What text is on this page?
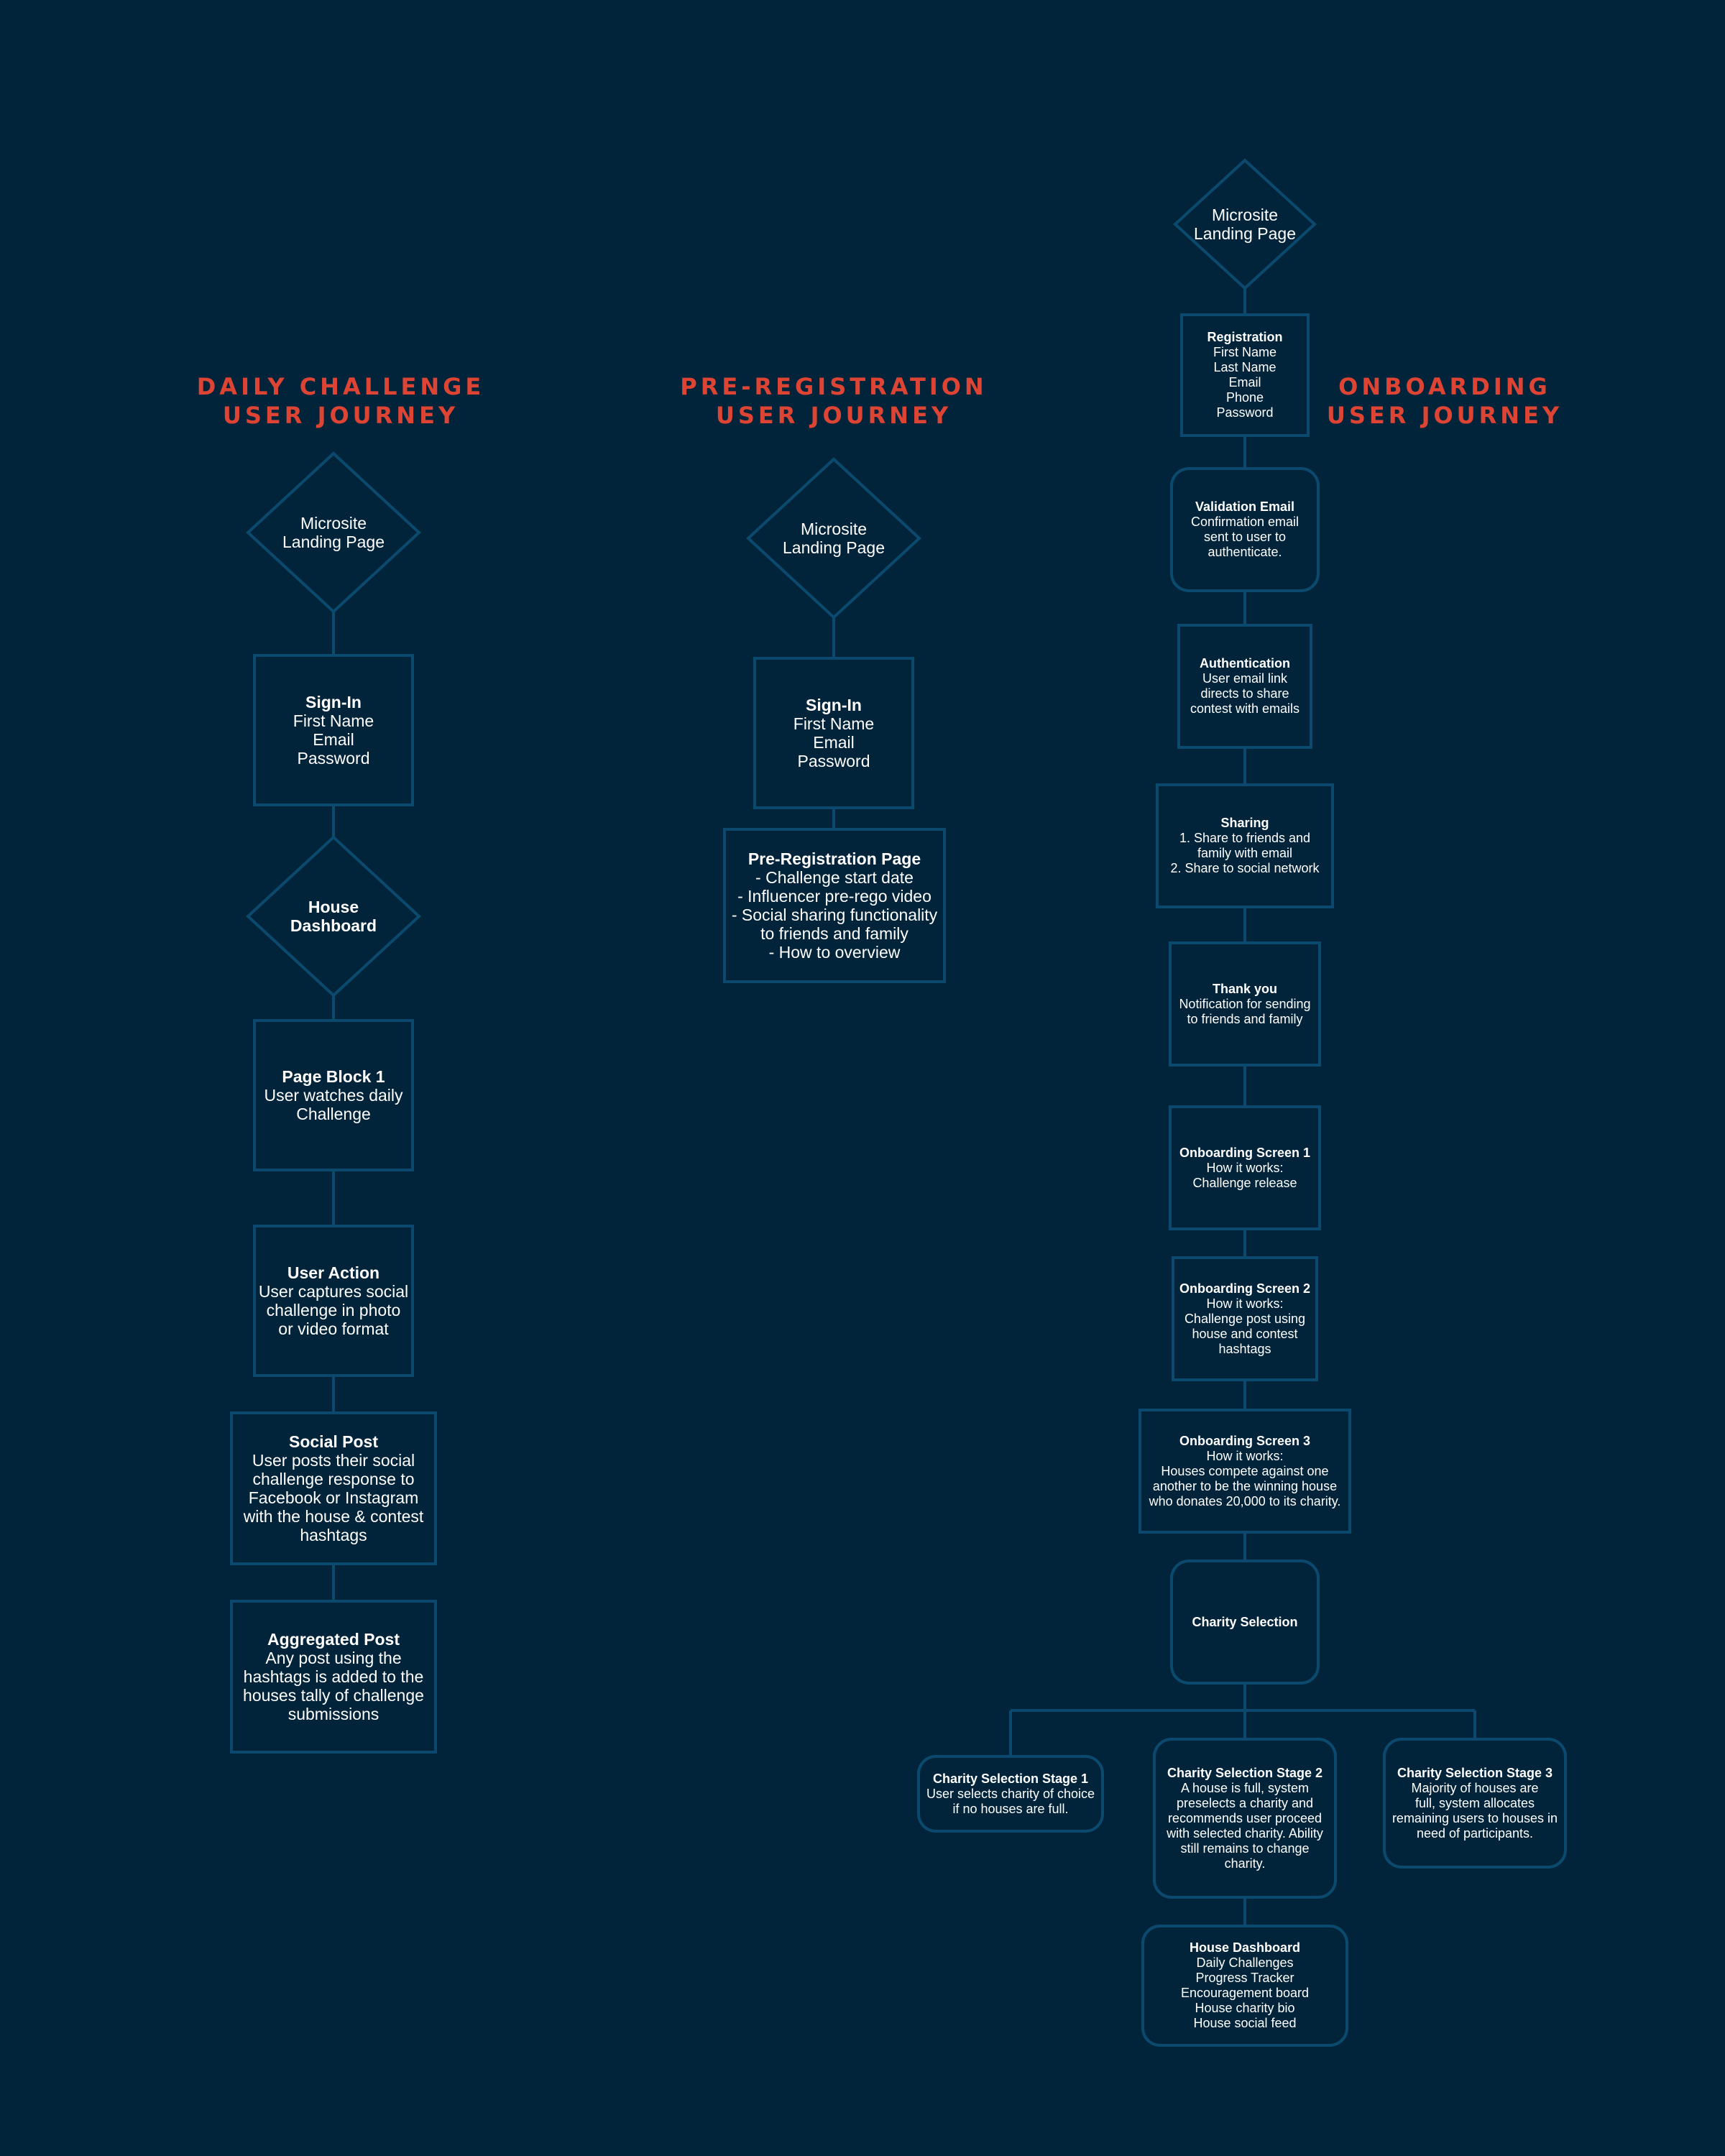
DAILY CHALLENGE
USER JOURNEY
PRE-REGISTRATION
USER JOURNEY
ONBOARDING
USER JOURNEY
Microsite
Landing Page
Sign-In
First Name
Email
Password
House
Dashboard
Page Block 1
User watches daily
Challenge
User Action
User captures social
challenge in photo
or video format
Social Post
User posts their social
challenge response to
Facebook or Instagram
with the house & contest
hashtags
Aggregated Post
Any post using the
hashtags is added to the
houses tally of challenge
submissions
Microsite
Landing Page
Sign-In
First Name
Email
Password
Pre-Registration Page
- Challenge start date
- Influencer pre-rego video
- Social sharing functionality
to friends and family
- How to overview
Microsite
Landing Page
Registration
First Name
Last Name
Email
Phone
Password
Validation Email
Confirmation email
sent to user to
authenticate.
Authentication
User email link
directs to share
contest with emails
Sharing
1. Share to friends and
family with email
2. Share to social network
Thank you
Notification for sending
to friends and family
Onboarding Screen 1
How it works:
Challenge release
Onboarding Screen 2
How it works:
Challenge post using
house and contest
hashtags
Onboarding Screen 3
How it works:
Houses compete against one
another to be the winning house
who donates 20,000 to its charity.
Charity Selection
Charity Selection Stage 1
User selects charity of choice
if no houses are full.
Charity Selection Stage 2
A house is full, system
preselects a charity and
recommends user proceed
with selected charity. Ability
still remains to change
charity.
Charity Selection Stage 3
Majority of houses are
full, system allocates
remaining users to houses in
need of participants.
House Dashboard
Daily Challenges
Progress Tracker
Encouragement board
House charity bio
House social feed
